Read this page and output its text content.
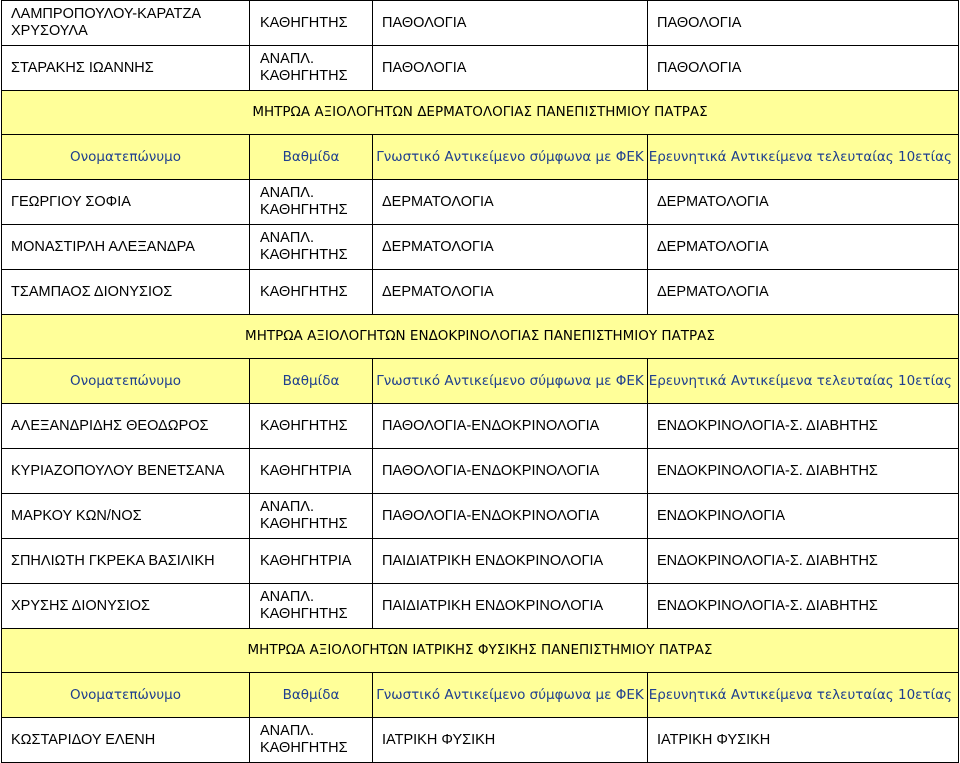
ΛΑΜΠΡΟΠΟΥΛΟΥ-ΚΑΡΑΤΖΑ ΧΡΥΣΟΥΛΑ	ΚΑΘΗΓΗΤΗΣ	ΠΑΘΟΛΟΓΙΑ	ΠΑΘΟΛΟΓΙΑ
ΣΤΑΡΑΚΗΣ ΙΩΑΝΝΗΣ	ΑΝΑΠΛ. ΚΑΘΗΓΗΤΗΣ	ΠΑΘΟΛΟΓΙΑ	ΠΑΘΟΛΟΓΙΑ
ΜΗΤΡΩΑ ΑΞΙΟΛΟΓΗΤΩΝ ΔΕΡΜΑΤΟΛΟΓΙΑΣ ΠΑΝΕΠΙΣΤΗΜΙΟΥ ΠΑΤΡΑΣ			
Ονοματεπώνυμο	Βαθμίδα	Γνωστικό Αντικείμενο σύμφωνα με ΦΕΚ	Ερευνητικά Αντικείμενα τελευταίας 10ετίας
ΓΕΩΡΓΙΟΥ ΣΟΦΙΑ	ΑΝΑΠΛ. ΚΑΘΗΓΗΤΗΣ	ΔΕΡΜΑΤΟΛΟΓΙΑ	ΔΕΡΜΑΤΟΛΟΓΙΑ
ΜΟΝΑΣΤΙΡΛΗ ΑΛΕΞΑΝΔΡΑ	ΑΝΑΠΛ. ΚΑΘΗΓΗΤΗΣ	ΔΕΡΜΑΤΟΛΟΓΙΑ	ΔΕΡΜΑΤΟΛΟΓΙΑ
ΤΣΑΜΠΑΟΣ ΔΙΟΝΥΣΙΟΣ	ΚΑΘΗΓΗΤΗΣ	ΔΕΡΜΑΤΟΛΟΓΙΑ	ΔΕΡΜΑΤΟΛΟΓΙΑ
ΜΗΤΡΩΑ ΑΞΙΟΛΟΓΗΤΩΝ ΕΝΔΟΚΡΙΝΟΛΟΓΙΑΣ ΠΑΝΕΠΙΣΤΗΜΙΟΥ ΠΑΤΡΑΣ			
Ονοματεπώνυμο	Βαθμίδα	Γνωστικό Αντικείμενο σύμφωνα με ΦΕΚ	Ερευνητικά Αντικείμενα τελευταίας 10ετίας
ΑΛΕΞΑΝΔΡΙΔΗΣ ΘΕΟΔΩΡΟΣ	ΚΑΘΗΓΗΤΗΣ	ΠΑΘΟΛΟΓΙΑ-ΕΝΔΟΚΡΙΝΟΛΟΓΙΑ	ΕΝΔΟΚΡΙΝΟΛΟΓΙΑ-Σ. ΔΙΑΒΗΤΗΣ
ΚΥΡΙΑΖΟΠΟΥΛΟΥ ΒΕΝΕΤΣΑΝΑ	ΚΑΘΗΓΗΤΡΙΑ	ΠΑΘΟΛΟΓΙΑ-ΕΝΔΟΚΡΙΝΟΛΟΓΙΑ	ΕΝΔΟΚΡΙΝΟΛΟΓΙΑ-Σ. ΔΙΑΒΗΤΗΣ
ΜΑΡΚΟΥ ΚΩΝ/ΝΟΣ	ΑΝΑΠΛ. ΚΑΘΗΓΗΤΗΣ	ΠΑΘΟΛΟΓΙΑ-ΕΝΔΟΚΡΙΝΟΛΟΓΙΑ	ΕΝΔΟΚΡΙΝΟΛΟΓΙΑ
ΣΠΗΛΙΩΤΗ ΓΚΡΕΚΑ ΒΑΣΙΛΙΚΗ	ΚΑΘΗΓΗΤΡΙΑ	ΠΑΙΔΙΑΤΡΙΚΗ ΕΝΔΟΚΡΙΝΟΛΟΓΙΑ	ΕΝΔΟΚΡΙΝΟΛΟΓΙΑ-Σ. ΔΙΑΒΗΤΗΣ
ΧΡΥΣΗΣ ΔΙΟΝΥΣΙΟΣ	ΑΝΑΠΛ. ΚΑΘΗΓΗΤΗΣ	ΠΑΙΔΙΑΤΡΙΚΗ ΕΝΔΟΚΡΙΝΟΛΟΓΙΑ	ΕΝΔΟΚΡΙΝΟΛΟΓΙΑ-Σ. ΔΙΑΒΗΤΗΣ
ΜΗΤΡΩΑ ΑΞΙΟΛΟΓΗΤΩΝ ΙΑΤΡΙΚΗΣ ΦΥΣΙΚΗΣ ΠΑΝΕΠΙΣΤΗΜΙΟΥ ΠΑΤΡΑΣ			
Ονοματεπώνυμο	Βαθμίδα	Γνωστικό Αντικείμενο σύμφωνα με ΦΕΚ	Ερευνητικά Αντικείμενα τελευταίας 10ετίας
ΚΩΣΤΑΡΙΔΟΥ ΕΛΕΝΗ	ΑΝΑΠΛ. ΚΑΘΗΓΗΤΗΣ	ΙΑΤΡΙΚΗ ΦΥΣΙΚΗ	ΙΑΤΡΙΚΗ ΦΥΣΙΚΗ
